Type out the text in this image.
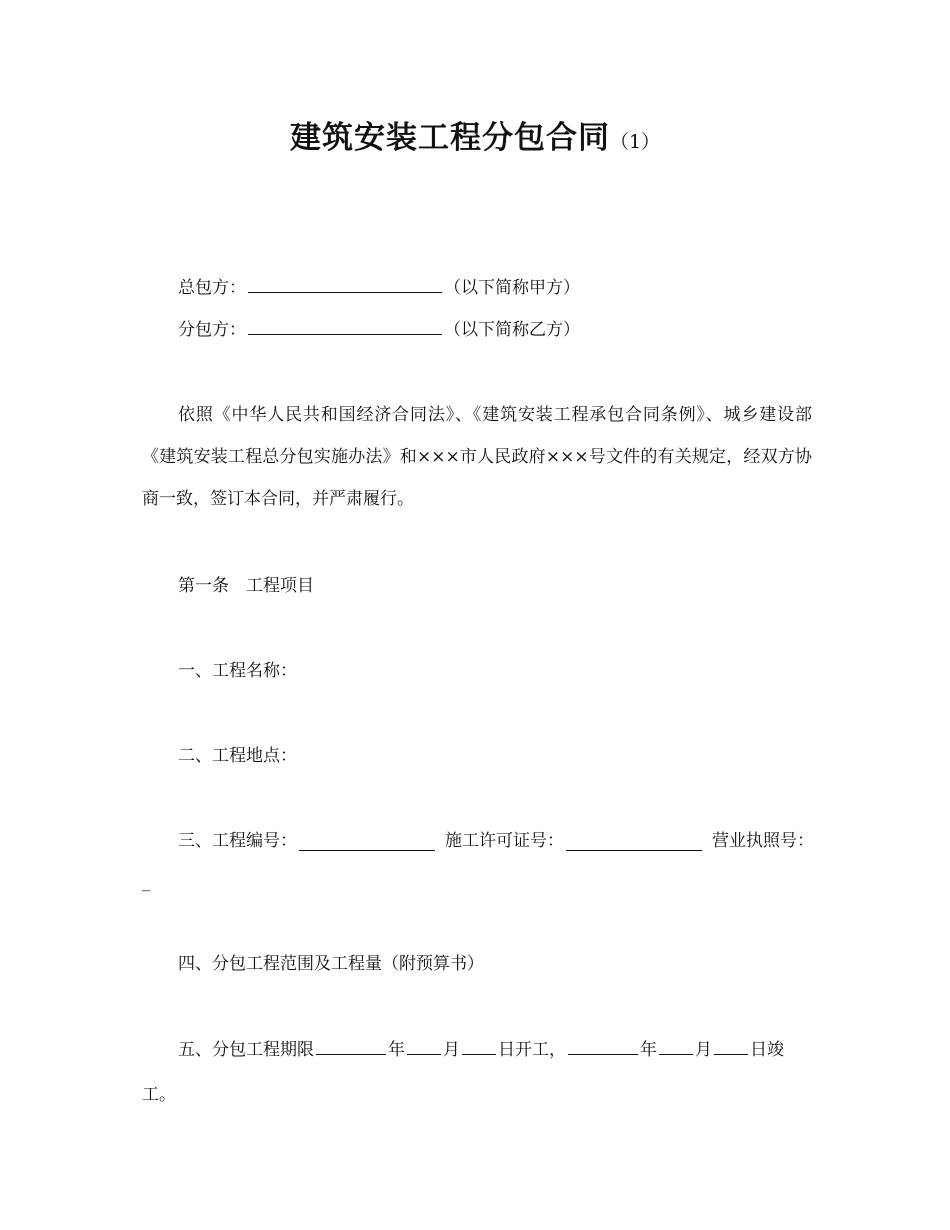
建筑安装工程分包合同（1）
总包方：	（以下简称甲方）
分包方：	（以下简称乙方）
依照《中华人民共和国经济合同法》、《建筑安装工程承包合同条例》、城乡建设部《建筑安装工程总分包实施办法》和×××市人民政府×××号文件的有关规定，经双方协商一致，签订本合同，并严肃履行。
第一条　工程项目
一、工程名称：
二、工程地点：
三、工程编号：	施工许可证号：	营业执照号：
_
四、分包工程范围及工程量（附预算书）
五、分包工程期限	年 月 日开工，	年 月 日竣
工。
